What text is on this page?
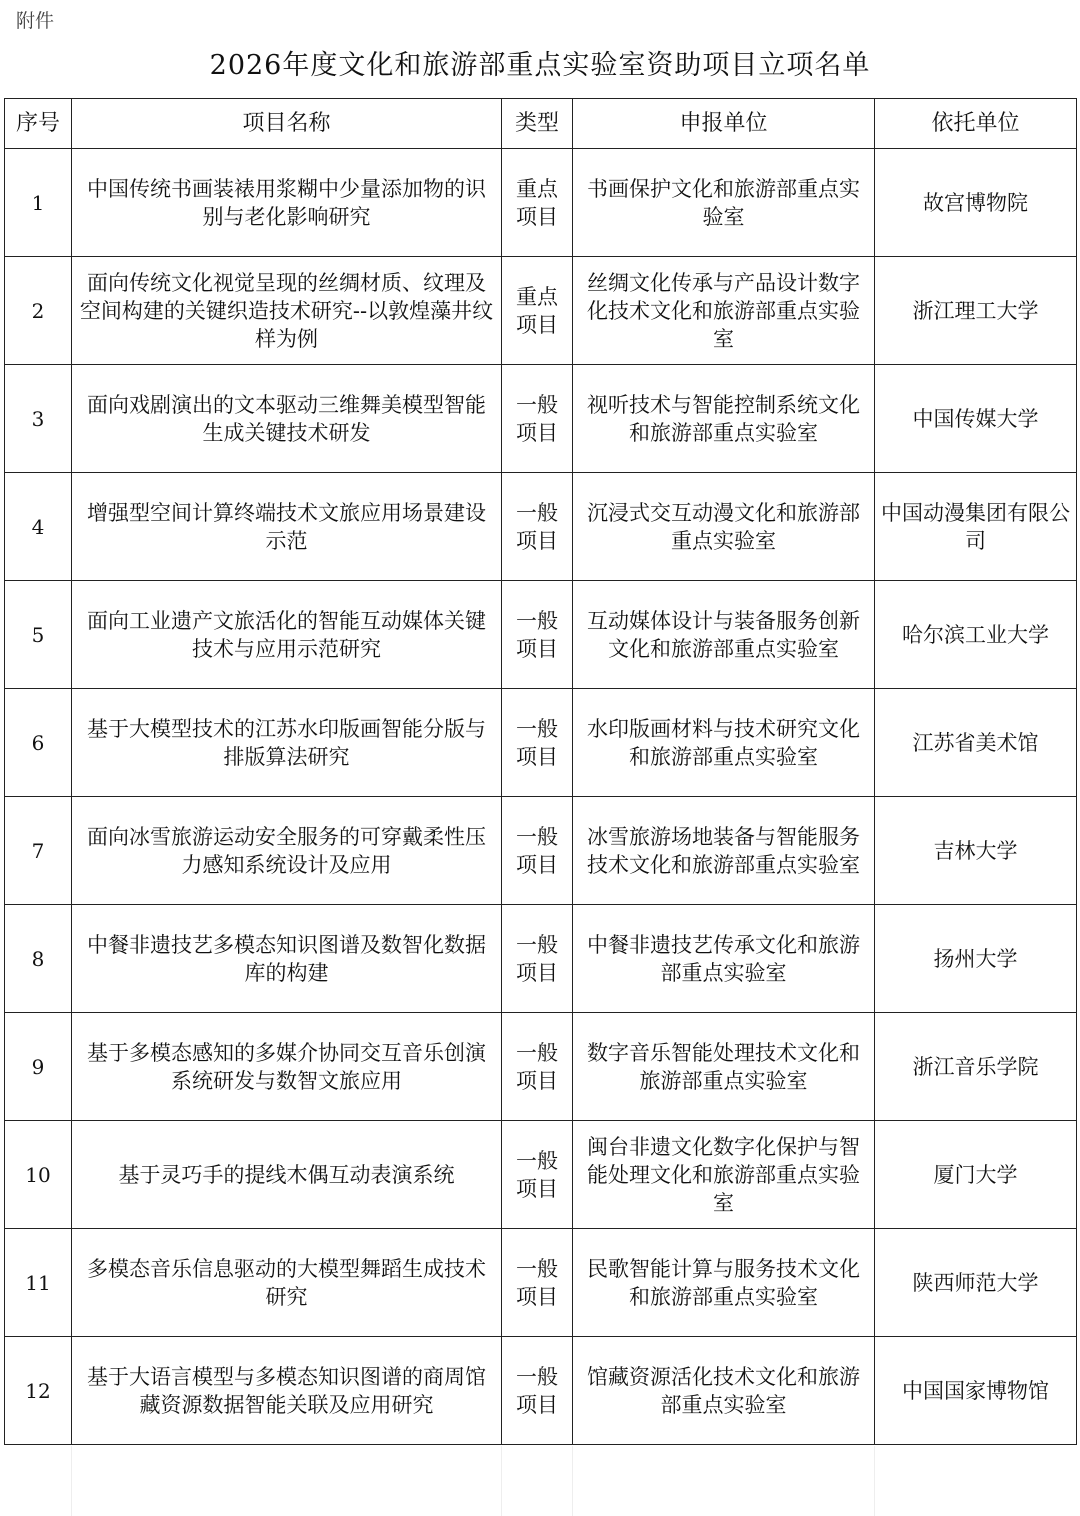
附件
2026年度文化和旅游部重点实验室资助项目立项名单
序号	项目名称	类型	申报单位	依托单位
1	中国传统书画装裱用浆糊中少量添加物的识别与老化影响研究	重点项目	书画保护文化和旅游部重点实验室	故宫博物院
2	面向传统文化视觉呈现的丝绸材质、纹理及空间构建的关键织造技术研究--以敦煌藻井纹样为例	重点项目	丝绸文化传承与产品设计数字化技术文化和旅游部重点实验室	浙江理工大学
3	面向戏剧演出的文本驱动三维舞美模型智能生成关键技术研发	一般项目	视听技术与智能控制系统文化和旅游部重点实验室	中国传媒大学
4	增强型空间计算终端技术文旅应用场景建设示范	一般项目	沉浸式交互动漫文化和旅游部重点实验室	中国动漫集团有限公司
5	面向工业遗产文旅活化的智能互动媒体关键技术与应用示范研究	一般项目	互动媒体设计与装备服务创新文化和旅游部重点实验室	哈尔滨工业大学
6	基于大模型技术的江苏水印版画智能分版与排版算法研究	一般项目	水印版画材料与技术研究文化和旅游部重点实验室	江苏省美术馆
7	面向冰雪旅游运动安全服务的可穿戴柔性压力感知系统设计及应用	一般项目	冰雪旅游场地装备与智能服务技术文化和旅游部重点实验室	吉林大学
8	中餐非遗技艺多模态知识图谱及数智化数据库的构建	一般项目	中餐非遗技艺传承文化和旅游部重点实验室	扬州大学
9	基于多模态感知的多媒介协同交互音乐创演系统研发与数智文旅应用	一般项目	数字音乐智能处理技术文化和旅游部重点实验室	浙江音乐学院
10	基于灵巧手的提线木偶互动表演系统	一般项目	闽台非遗文化数字化保护与智能处理文化和旅游部重点实验室	厦门大学
11	多模态音乐信息驱动的大模型舞蹈生成技术研究	一般项目	民歌智能计算与服务技术文化和旅游部重点实验室	陕西师范大学
12	基于大语言模型与多模态知识图谱的商周馆藏资源数据智能关联及应用研究	一般项目	馆藏资源活化技术文化和旅游部重点实验室	中国国家博物馆
